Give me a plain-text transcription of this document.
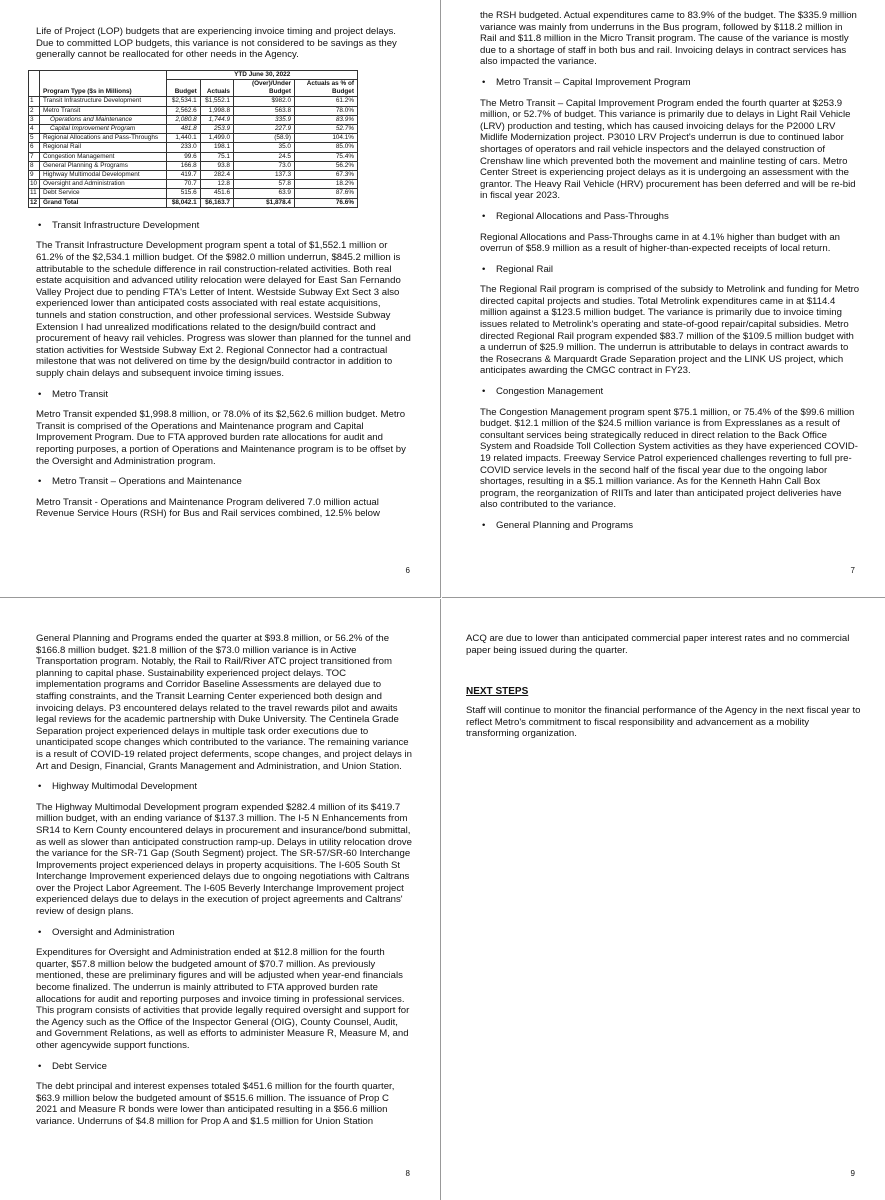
Life of Project (LOP) budgets that are experiencing invoice timing and project delays. Due to committed LOP budgets, this variance is not considered to be savings as they generally cannot be reallocated for other needs in the Agency.

		YTD June 30, 2022			
	Program Type ($s in Millions)	Budget	Actuals	(Over)/Under Budget	Actuals as % of Budget
1	Transit Infrastructure Development	$2,534.1	$1,552.1	$982.0	61.2%
2	Metro Transit	2,562.6	1,998.8	563.8	78.0%
3	Operations and Maintenance	2,080.8	1,744.9	335.9	83.9%
4	Capital Improvement Program	481.8	253.9	227.9	52.7%
5	Regional Allocations and Pass-Throughs	1,440.1	1,499.0	(58.9)	104.1%
6	Regional Rail	233.0	198.1	35.0	85.0%
7	Congestion Management	99.6	75.1	24.5	75.4%
8	General Planning & Programs	166.8	93.8	73.0	56.2%
9	Highway Multimodal Development	419.7	282.4	137.3	67.3%
10	Oversight and Administration	70.7	12.8	57.8	18.2%
11	Debt Service	515.6	451.6	63.9	87.6%
12	Grand Total	$8,042.1	$6,163.7	$1,878.4	76.6%
• Transit Infrastructure Development

The Transit Infrastructure Development program spent a total of $1,552.1 million or 61.2% of the $2,534.1 million budget. Of the $982.0 million underrun, $845.2 million is attributable to the schedule difference in rail construction-related activities. Both real estate acquisition and advanced utility relocation were delayed for East San Fernando Valley Project due to pending FTA's Letter of Intent. Westside Subway Ext Sect 3 also experienced lower than anticipated costs associated with real estate acquisitions, tunnels and station construction, and other professional services. Westside Subway Extension I had unrealized modifications related to the design/build contract and procurement of heavy rail vehicles. Progress was slower than planned for the tunnel and station activities for Westside Subway Ext 2. Regional Connector had a contractual milestone that was not delivered on time by the design/build contractor in addition to supply chain delays and subsequent invoice timing issues.

• Metro Transit

Metro Transit expended $1,998.8 million, or 78.0% of its $2,562.6 million budget. Metro Transit is comprised of the Operations and Maintenance program and Capital Improvement Program. Due to FTA approved burden rate allocations for audit and reporting purposes, a portion of Operations and Maintenance program is to be offset by the Oversight and Administration program.

• Metro Transit – Operations and Maintenance

Metro Transit - Operations and Maintenance Program delivered 7.0 million actual Revenue Service Hours (RSH) for Bus and Rail services combined, 12.5% below

6

the RSH budgeted. Actual expenditures came to 83.9% of the budget. The $335.9 million variance was mainly from underruns in the Bus program, followed by $118.2 million in Rail and $11.8 million in the Micro Transit program. The cause of the variance is mostly due to a shortage of staff in both bus and rail. Invoicing delays in contract services has also impacted the variance.

• Metro Transit – Capital Improvement Program

The Metro Transit – Capital Improvement Program ended the fourth quarter at $253.9 million, or 52.7% of budget. This variance is primarily due to delays in Light Rail Vehicle (LRV) production and testing, which has caused invoicing delays for the P2000 LRV Midlife Modernization project. P3010 LRV Project's underrun is due to continued labor shortages of operators and rail vehicle inspectors and the delayed construction of Crenshaw line which prevented both the movement and mainline testing of cars. Metro Center Street is experiencing project delays as it is undergoing an assessment with the grantor. The Heavy Rail Vehicle (HRV) procurement has been deferred and will be re-bid in fiscal year 2023.

• Regional Allocations and Pass-Throughs

Regional Allocations and Pass-Throughs came in at 4.1% higher than budget with an overrun of $58.9 million as a result of higher-than-expected receipts of local return.

• Regional Rail

The Regional Rail program is comprised of the subsidy to Metrolink and funding for Metro directed capital projects and studies. Total Metrolink expenditures came in at $114.4 million against a $123.5 million budget. The variance is primarily due to invoice timing issues related to Metrolink's operating and state-of-good repair/capital subsidies. Metro directed Regional Rail program expended $83.7 million of the $109.5 million budget with a underrun of $25.9 million. The underrun is attributable to delays in contract awards to the Rosecrans & Marquardt Grade Separation project and the LINK US project, which anticipates awarding the CMGC contract in FY23.

• Congestion Management

The Congestion Management program spent $75.1 million, or 75.4% of the $99.6 million budget. $12.1 million of the $24.5 million variance is from Expresslanes as a result of consultant services being strategically reduced in direct relation to the Back Office System and Roadside Toll Collection System activities as they have experienced COVID-19 related impacts. Freeway Service Patrol experienced challenges reverting to full pre-COVID service levels in the second half of the fiscal year due to the ongoing labor shortages, resulting in a $5.1 million variance. As for the Kenneth Hahn Call Box program, the reorganization of RIITs and later than anticipated project deliveries have also contributed to the variance.

• General Planning and Programs
7

General Planning and Programs ended the quarter at $93.8 million, or 56.2% of the $166.8 million budget. $21.8 million of the $73.0 million variance is in Active Transportation program. Notably, the Rail to Rail/River ATC project transitioned from planning to capital phase. Sustainability experienced project delays. TOC implementation programs and Corridor Baseline Assessments are delayed due to staffing constraints, and the Transit Learning Center experienced both design and invoicing delays. P3 encountered delays related to the travel rewards pilot and awaits legal reviews for the academic partnership with Duke University. The Centinela Grade Separation project experienced delays in multiple task order executions due to unanticipated scope changes which contributed to the variance. The remaining variance is a result of COVID-19 related project deferments, scope changes, and project delays in Art and Design, Financial, Grants Management and Administration, and Union Station.

• Highway Multimodal Development

The Highway Multimodal Development program expended $282.4 million of its $419.7 million budget, with an ending variance of $137.3 million. The I-5 N Enhancements from SR14 to Kern County encountered delays in procurement and insurance/bond submittal, as well as slower than anticipated construction ramp-up. Delays in utility relocation drove the variance for the SR-71 Gap (South Segment) project. The SR-57/SR-60 Interchange Improvements project experienced delays in property acquisitions. The I-605 South St Interchange Improvement experienced delays due to ongoing negotiations with Caltrans over the Project Labor Agreement. The I-605 Beverly Interchange Improvement project experienced delays due to delays in the execution of project agreements and Caltrans' review of design plans.

• Oversight and Administration

Expenditures for Oversight and Administration ended at $12.8 million for the fourth quarter, $57.8 million below the budgeted amount of $70.7 million. As previously mentioned, these are preliminary figures and will be adjusted when year-end financials become finalized. The underrun is mainly attributed to FTA approved burden rate allocations for audit and reporting purposes and invoice timing in professional services. This program consists of activities that provide legally required oversight and support for the Agency such as the Office of the Inspector General (OIG), County Counsel, Audit, and Government Relations, as well as efforts to administer Measure R, Measure M, and other agencywide support functions.

• Debt Service

The debt principal and interest expenses totaled $451.6 million for the fourth quarter, $63.9 million below the budgeted amount of $515.6 million. The issuance of Prop C 2021 and Measure R bonds were lower than anticipated resulting in a $56.6 million variance. Underruns of $4.8 million for Prop A and $1.5 million for Union Station

8

ACQ are due to lower than anticipated commercial paper interest rates and no commercial paper being issued during the quarter.

NEXT STEPS

Staff will continue to monitor the financial performance of the Agency in the next fiscal year to reflect Metro's commitment to fiscal responsibility and advancement as a mobility transforming organization.

9
